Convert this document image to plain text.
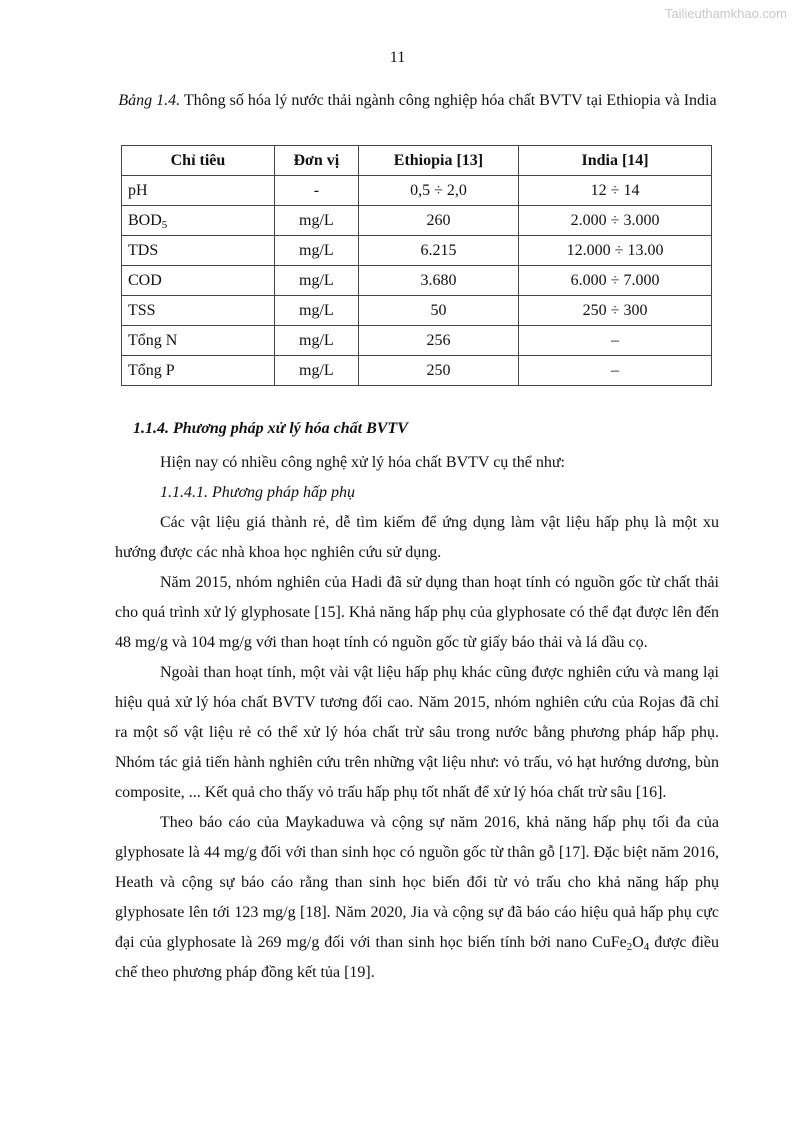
Tailieuthamkhao.com
11
Bảng 1.4. Thông số hóa lý nước thải ngành công nghiệp hóa chất BVTV tại Ethiopia và India
Chỉ tiêu	Đơn vị	Ethiopia [13]	India [14]
pH	-	0,5 ÷ 2,0	12 ÷ 14
$BOD_5$	mg/L	260	2.000 ÷ 3.000
TDS	mg/L	6.215	12.000 ÷ 13.00
COD	mg/L	3.680	6.000 ÷ 7.000
TSS	mg/L	50	250 ÷ 300
Tổng N	mg/L	256	–
Tổng P	mg/L	250	–
1.1.4. Phương pháp xử lý hóa chất BVTV

Hiện nay có nhiều công nghệ xử lý hóa chất BVTV cụ thể như:

1.1.4.1. Phương pháp hấp phụ

Các vật liệu giá thành rẻ, dễ tìm kiếm để ứng dụng làm vật liệu hấp phụ là một xu hướng được các nhà khoa học nghiên cứu sử dụng.

Năm 2015, nhóm nghiên của Hadi đã sử dụng than hoạt tính có nguồn gốc từ chất thải cho quá trình xử lý glyphosate [15]. Khả năng hấp phụ của glyphosate có thể đạt được lên đến 48 mg/g và 104 mg/g với than hoạt tính có nguồn gốc từ giấy báo thải và lá dầu cọ.

Ngoài than hoạt tính, một vài vật liệu hấp phụ khác cũng được nghiên cứu và mang lại hiệu quả xử lý hóa chất BVTV tương đối cao. Năm 2015, nhóm nghiên cứu của Rojas đã chỉ ra một số vật liệu rẻ có thể xử lý hóa chất trừ sâu trong nước bằng phương pháp hấp phụ. Nhóm tác giả tiến hành nghiên cứu trên những vật liệu như: vỏ trấu, vỏ hạt hướng dương, bùn composite, ... Kết quả cho thấy vỏ trấu hấp phụ tốt nhất để xử lý hóa chất trừ sâu [16].

Theo báo cáo của Maykaduwa và cộng sự năm 2016, khả năng hấp phụ tối đa của glyphosate là 44 mg/g đối với than sinh học có nguồn gốc từ thân gỗ [17]. Đặc biệt năm 2016, Heath và cộng sự báo cáo rằng than sinh học biến đổi từ vỏ trấu cho khả năng hấp phụ glyphosate lên tới 123 mg/g [18]. Năm 2020, Jia và cộng sự đã báo cáo hiệu quả hấp phụ cực đại của glyphosate là 269 mg/g đối với than sinh học biến tính bởi nano $CuFe_2O_4$ được điều chế theo phương pháp đồng kết tủa [19].
